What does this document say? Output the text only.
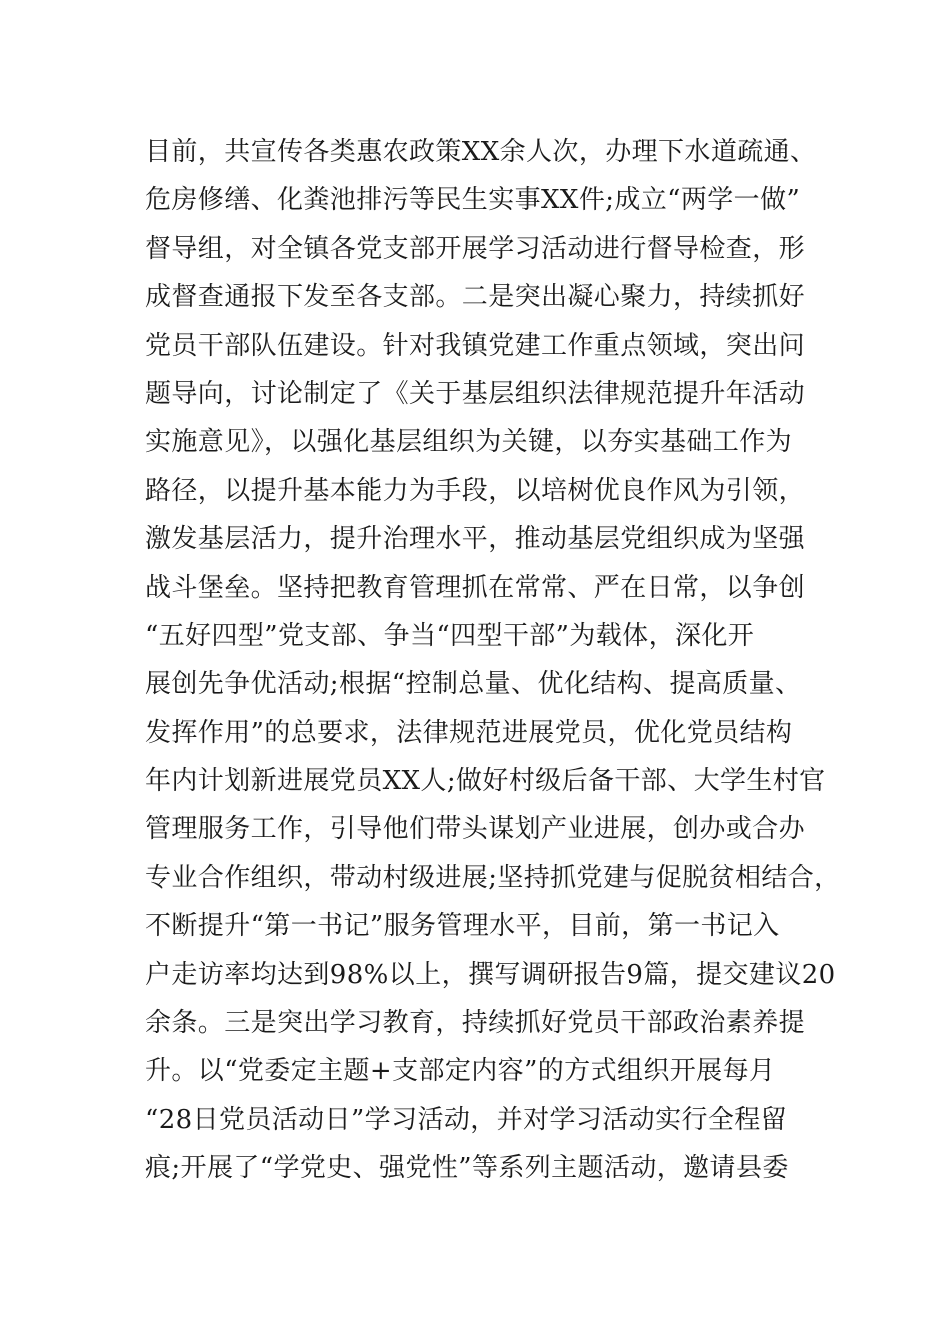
目前，共宣传各类惠农政策XX余人次，办理下水道疏通、
危房修缮、化粪池排污等民生实事XX件;成立“两学一做”
督导组，对全镇各党支部开展学习活动进行督导检查，形
成督查通报下发至各支部。二是突出凝心聚力，持续抓好
党员干部队伍建设。针对我镇党建工作重点领域，突出问
题导向，讨论制定了《关于基层组织法律规范提升年活动
实施意见》，以强化基层组织为关键，以夯实基础工作为
路径，以提升基本能力为手段，以培树优良作风为引领，
激发基层活力，提升治理水平，推动基层党组织成为坚强
战斗堡垒。坚持把教育管理抓在常常、严在日常，以争创
“五好四型”党支部、争当“四型干部”为载体，深化开
展创先争优活动;根据“控制总量、优化结构、提高质量、
发挥作用”的总要求，法律规范进展党员，优化党员结构
年内计划新进展党员XX人;做好村级后备干部、大学生村官
管理服务工作，引导他们带头谋划产业进展，创办或合办
专业合作组织，带动村级进展;坚持抓党建与促脱贫相结合，
不断提升“第一书记”服务管理水平，目前，第一书记入
户走访率均达到98%以上，撰写调研报告9篇，提交建议20
余条。三是突出学习教育，持续抓好党员干部政治素养提
升。以“党委定主题+支部定内容”的方式组织开展每月
“28日党员活动日”学习活动，并对学习活动实行全程留
痕;开展了“学党史、强党性”等系列主题活动，邀请县委
